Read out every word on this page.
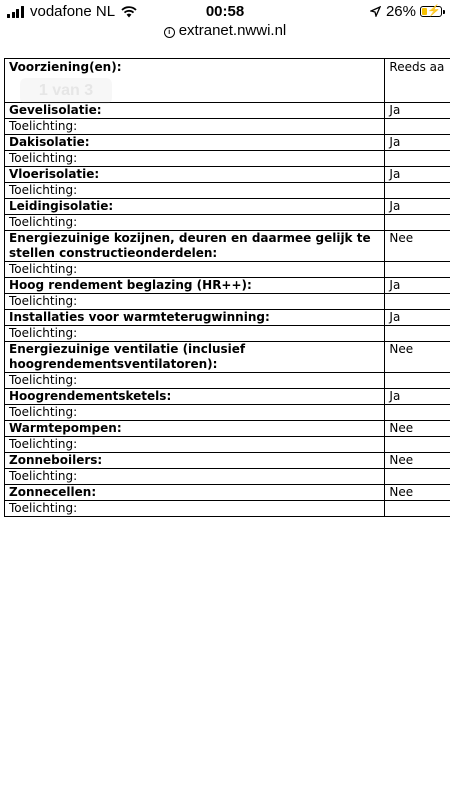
vodafone NL	00:58	26% ⚡
i extranet.nwwi.nl
Voorziening(en):	Reeds aa
Gevelisolatie:	Ja
Toelichting:	
Dakisolatie:	Ja
Toelichting:	
Vloerisolatie:	Ja
Toelichting:	
Leidingisolatie:	Ja
Toelichting:	
Energiezuinige kozijnen, deuren en daarmee gelijk te stellen constructieonderdelen:	Nee
Toelichting:	
Hoog rendement beglazing (HR++):	Ja
Toelichting:	
Installaties voor warmteterugwinning:	Ja
Toelichting:	
Energiezuinige ventilatie (inclusief hoogrendementsventilatoren):	Nee
Toelichting:	
Hoogrendementsketels:	Ja
Toelichting:	
Warmtepompen:	Nee
Toelichting:	
Zonneboilers:	Nee
Toelichting:	
Zonnecellen:	Nee
Toelichting:	
1 van 3
